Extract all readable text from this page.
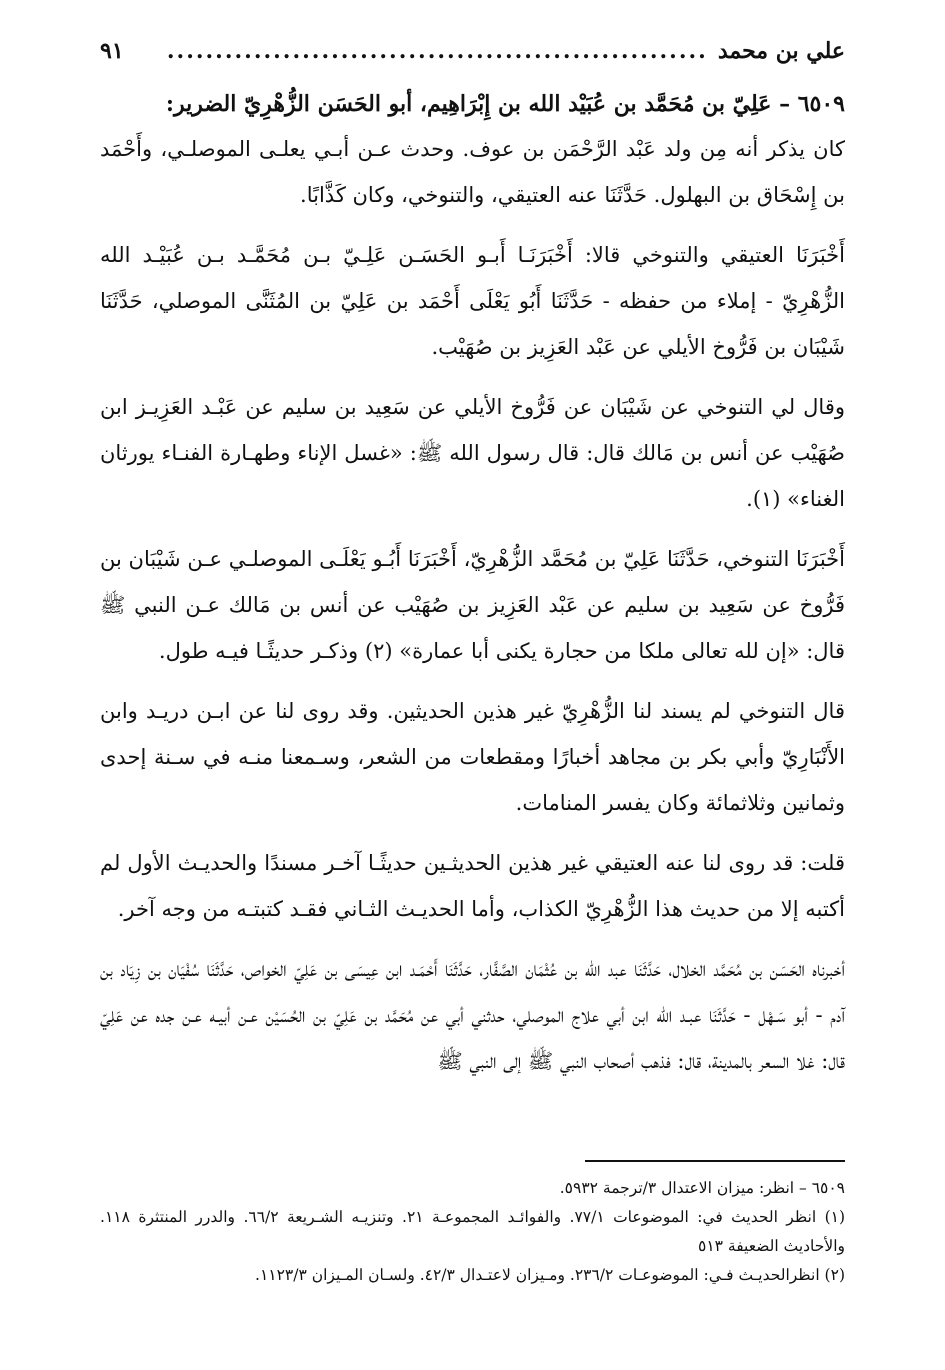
علي بن محمد
........................................................
٩١
٦٥٠٩ – عَلِيّ بن مُحَمَّد بن عُبَيْد الله بن إِبْرَاهِيم، أبو الحَسَن الزُّهْرِيّ الضرير:

كان يذكر أنه مِن ولد عَبْد الرَّحْمَن بن عوف. وحدث عـن أبـي يعلـى الموصلـي، وأَحْمَد بن إِسْحَاق بن البهلول. حَدَّثَنَا عنه العتيقي، والتنوخي، وكان كَذَّابًا.

أَخْبَرَنَا العتيقي والتنوخي قالا: أَخْبَرَنَـا أَبـو الحَسَـن عَلِـيّ بـن مُحَمَّـد بـن عُبَيْـد الله الزُّهْرِيّ - إملاء من حفظه - حَدَّثَنَا أَبُو يَعْلَى أَحْمَد بن عَلِيّ بن المُثَنَّى الموصلي، حَدَّثَنَا شَيْبَان بن فَرُّوخ الأيلي عن عَبْد العَزِيز بن صُهَيْب.

وقال لي التنوخي عن شَيْبَان عن فَرُّوخ الأيلي عن سَعِيد بن سليم عن عَبْـد العَزِيـز ابن صُهَيْب عن أنس بن مَالك قال: قال رسول الله ﷺ: «غسل الإناء وطهـارة الفنـاء يورثان الغناء» (١).

أَخْبَرَنَا التنوخي، حَدَّثَنَا عَلِيّ بن مُحَمَّد الزُّهْرِيّ، أَخْبَرَنَا أَبُـو يَعْلَـى الموصلـي عـن شَيْبَان بن فَرُّوخ عن سَعِيد بن سليم عن عَبْد العَزِيز بن صُهَيْب عن أنس بن مَالك عـن النبي ﷺ قال: «إن لله تعالى ملكا من حجارة يكنى أبا عمارة» (٢) وذكـر حديثًـا فيـه طول.

قال التنوخي لم يسند لنا الزُّهْرِيّ غير هذين الحديثين. وقد روى لنا عن ابـن دريـد وابن الأَنْبَارِيّ وأبي بكر بن مجاهد أخبارًا ومقطعات من الشعر، وسـمعنا منـه في سـنة إحدى وثمانين وثلاثمائة وكان يفسر المنامات.

قلت: قد روى لنا عنه العتيقي غير هذين الحديثـين حديثًـا آخـر مسندًا والحديـث الأول لم أكتبه إلا من حديث هذا الزُّهْرِيّ الكذاب، وأما الحديـث الثـاني فقـد كتبتـه من وجه آخر.

أخبرناه الحَسَن بن مُحَمَّد الخلال، حَدَّثَنَا عبد الله بن عُثْمَان الصَّفَّار، حَدَّثَنَا أَحْمَـد ابن عِيسَى بن عَلِيّ الخواص، حَدَّثَنَا سُفْيَان بن زِيَاد بن آدم - أبو سَـهْل - حَدَّثَنَا عبـد الله ابن أبي علاج الموصلي، حدثني أبي عن مُحَمَّد بن عَلِيّ بن الحُسَيْن عـن أبيـه عـن جده عن عَلِيّ قال: غلا السعر بالمدينة، قال: فذهب أصحاب النبي ﷺ إلى النبي ﷺ

٦٥٠٩ – انظر: ميزان الاعتدال ٣/ترجمة ٥٩٣٢.

(١) انظر الحديث في: الموضوعات ٧٧/١. والفوائـد المجموعـة ٢١. وتنزيـه الشـريعة ٦٦/٢. والدرر المنتثرة ١١٨. والأحاديث الضعيفة ٥١٣

(٢) انظرالحديـث فـي: الموضوعـات ٢٣٦/٢. ومـيزان لاعتـدال ٤٢/٣. ولسـان المـيزان ١١٢٣/٣.
